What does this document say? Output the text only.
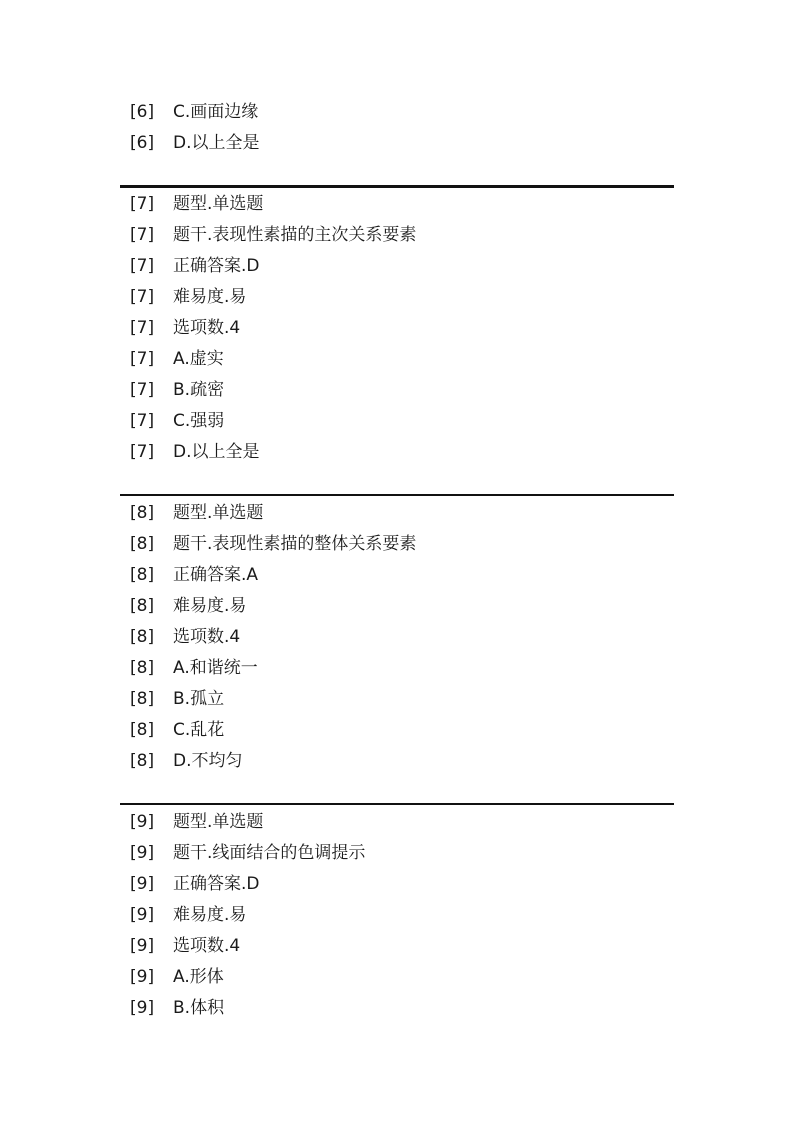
[6] C.画面边缘
[6] D.以上全是
[7] 题型.单选题
[7] 题干.表现性素描的主次关系要素
[7] 正确答案.D
[7] 难易度.易
[7] 选项数.4
[7] A.虚实
[7] B.疏密
[7] C.强弱
[7] D.以上全是
[8] 题型.单选题
[8] 题干.表现性素描的整体关系要素
[8] 正确答案.A
[8] 难易度.易
[8] 选项数.4
[8] A.和谐统一
[8] B.孤立
[8] C.乱花
[8] D.不均匀
[9] 题型.单选题
[9] 题干.线面结合的色调提示
[9] 正确答案.D
[9] 难易度.易
[9] 选项数.4
[9] A.形体
[9] B.体积
